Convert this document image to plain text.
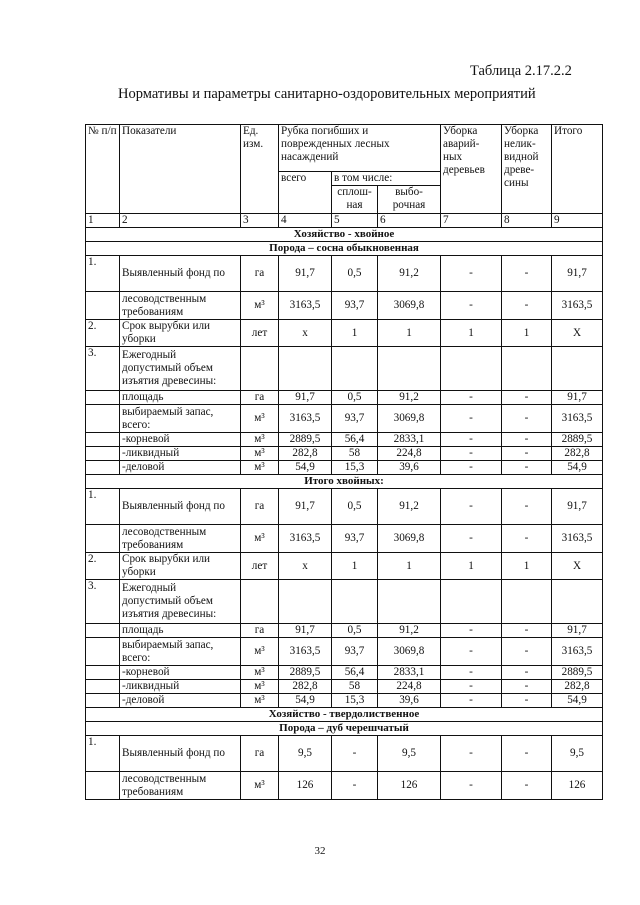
Таблица 2.17.2.2
Нормативы и параметры санитарно-оздоровительных мероприятий
№ п/п	Показатели	Ед. изм.	Рубка погибших и поврежденных лесных насаждений			Уборка аварий- ных деревьев	Уборка нелик- видной древе- сины	Итого
			всего	в том числе:				
				сплош- ная	выбо- рочная			
1	2	3	4	5	6	7	8	9
Хозяйство - хвойное								
Порода – сосна обыкновенная								
1.	Выявленный фонд по	га	91,7	0,5	91,2	-	-	91,7
	лесоводственным требованиям	м³	3163,5	93,7	3069,8	-	-	3163,5
2.	Срок вырубки или уборки	лет	х	1	1	1	1	Х
3.	Ежегодный допустимый объем изъятия древесины:							
	площадь	га	91,7	0,5	91,2	-	-	91,7
	выбираемый запас, всего:	м³	3163,5	93,7	3069,8	-	-	3163,5
	-корневой	м³	2889,5	56,4	2833,1	-	-	2889,5
	-ликвидный	м³	282,8	58	224,8	-	-	282,8
	-деловой	м³	54,9	15,3	39,6	-	-	54,9
Итого хвойных:								
1.	Выявленный фонд по	га	91,7	0,5	91,2	-	-	91,7
	лесоводственным требованиям	м³	3163,5	93,7	3069,8	-	-	3163,5
2.	Срок вырубки или уборки	лет	х	1	1	1	1	Х
3.	Ежегодный допустимый объем изъятия древесины:							
	площадь	га	91,7	0,5	91,2	-	-	91,7
	выбираемый запас, всего:	м³	3163,5	93,7	3069,8	-	-	3163,5
	-корневой	м³	2889,5	56,4	2833,1	-	-	2889,5
	-ликвидный	м³	282,8	58	224,8	-	-	282,8
	-деловой	м³	54,9	15,3	39,6	-	-	54,9
Хозяйство - твердолиственное								
Порода – дуб черешчатый								
1.	Выявленный фонд по	га	9,5	-	9,5	-	-	9,5
	лесоводственным требованиям	м³	126	-	126	-	-	126
32
